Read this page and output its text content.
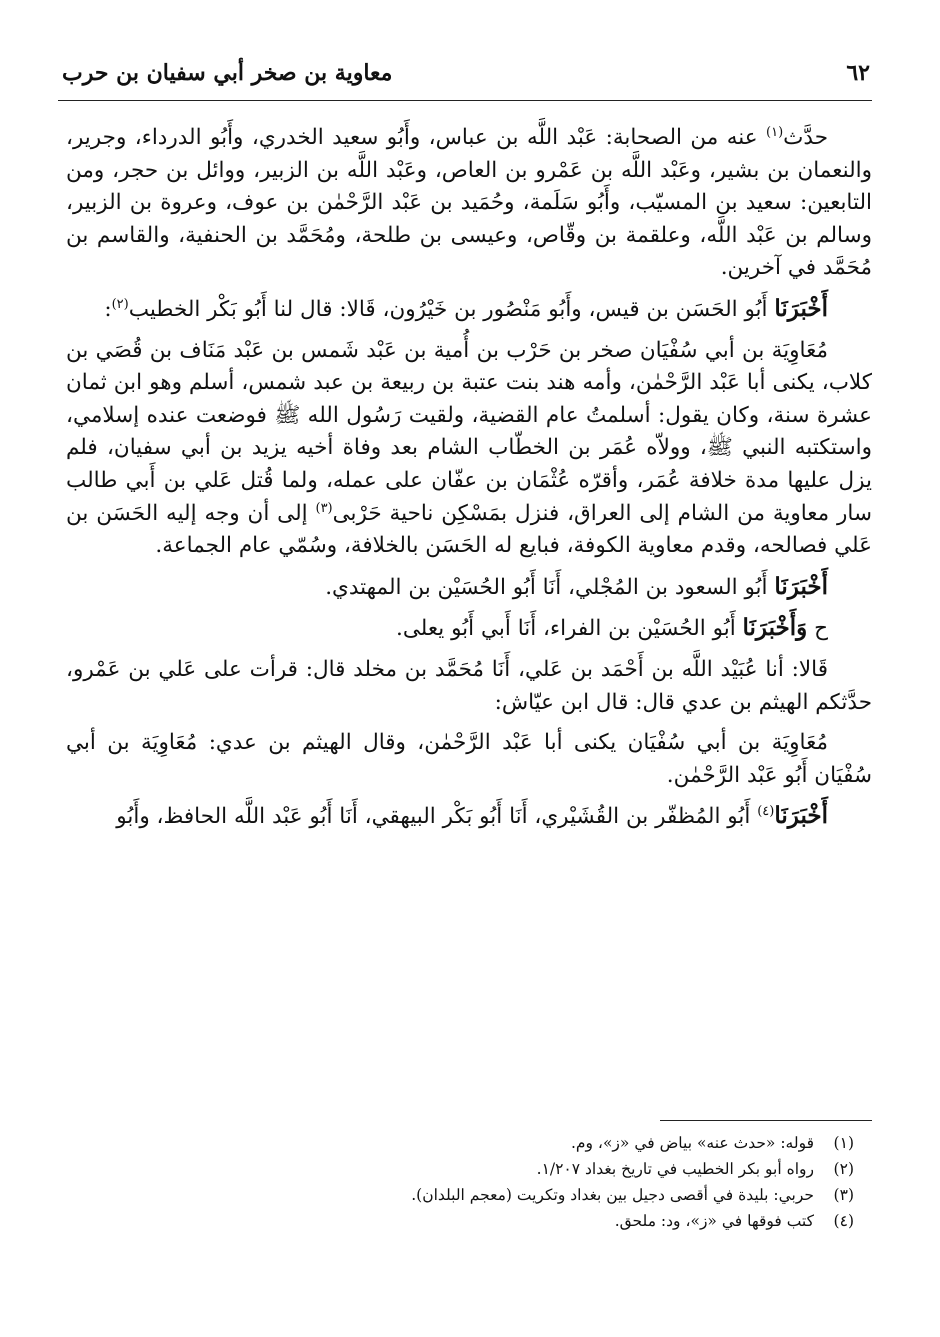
٦٢
معاوية بن صخر أبي سفيان بن حرب

حدَّث$^{(١)}$ عنه من الصحابة: عَبْد اللَّه بن عباس، وأَبُو سعيد الخدري، وأَبُو الدرداء، وجرير، والنعمان بن بشير، وعَبْد اللَّه بن عَمْرو بن العاص، وعَبْد اللَّه بن الزبير، ووائل بن حجر، ومن التابعين: سعيد بن المسيّب، وأَبُو سَلَمة، وحُمَيد بن عَبْد الرَّحْمٰن بن عوف، وعروة بن الزبير، وسالم بن عَبْد اللَّه، وعلقمة بن وقّاص، وعيسى بن طلحة، ومُحَمَّد بن الحنفية، والقاسم بن مُحَمَّد في آخرين.

أَخْبَرَنَا أَبُو الحَسَن بن قيس، وأَبُو مَنْصُور بن خَيْرُون، قَالا: قال لنا أَبُو بَكْر الخطيب$^{(٢)}$:

مُعَاوِيَة بن أبي سُفْيَان صخر بن حَرْب بن أُمية بن عَبْد شَمس بن عَبْد مَنَاف بن قُصَي بن كلاب، يكنى أبا عَبْد الرَّحْمٰن، وأمه هند بنت عتبة بن ربيعة بن عبد شمس، أسلم وهو ابن ثمان عشرة سنة، وكان يقول: أسلمتُ عام القضية، ولقيت رَسُول الله ﷺ فوضعت عنده إسلامي، واستكتبه النبي ﷺ، وولاّه عُمَر بن الخطّاب الشام بعد وفاة أخيه يزيد بن أبي سفيان، فلم يزل عليها مدة خلافة عُمَر، وأقرّه عُثْمَان بن عفّان على عمله، ولما قُتل عَلي بن أَبي طالب سار معاوية من الشام إلى العراق، فنزل بمَسْكِن ناحية حَرْبى$^{(٣)}$ إلى أن وجه إليه الحَسَن بن عَلي فصالحه، وقدم معاوية الكوفة، فبايع له الحَسَن بالخلافة، وسُمّي عام الجماعة.

أَخْبَرَنَا أَبُو السعود بن المُجْلي، أَنَا أَبُو الحُسَيْن بن المهتدي.

ح وَأَخْبَرَنَا أَبُو الحُسَيْن بن الفراء، أَنَا أَبي أَبُو يعلى.

قَالا: أنا عُبَيْد اللَّه بن أَحْمَد بن عَلي، أَنَا مُحَمَّد بن مخلد قال: قرأت على عَلي بن عَمْرو، حدَّثكم الهيثم بن عدي قال: قال ابن عيّاش:

مُعَاوِيَة بن أبي سُفْيَان يكنى أبا عَبْد الرَّحْمٰن، وقال الهيثم بن عدي: مُعَاوِيَة بن أبي سُفْيَان أَبُو عَبْد الرَّحْمٰن.

أَخْبَرَنَا$^{(٤)}$ أَبُو المُظفّر بن القُشَيْري، أَنَا أَبُو بَكْر البيهقي، أَنَا أَبُو عَبْد اللَّه الحافظ، وأَبُو

(١)قوله: «حدث عنه» بياض في «ز»، وم.

(٢)رواه أبو بكر الخطيب في تاريخ بغداد ١/٢٠٧.

(٣)حربي: بليدة في أقصى دجيل بين بغداد وتكريت (معجم البلدان).

(٤)كتب فوقها في «ز»، ود: ملحق.
